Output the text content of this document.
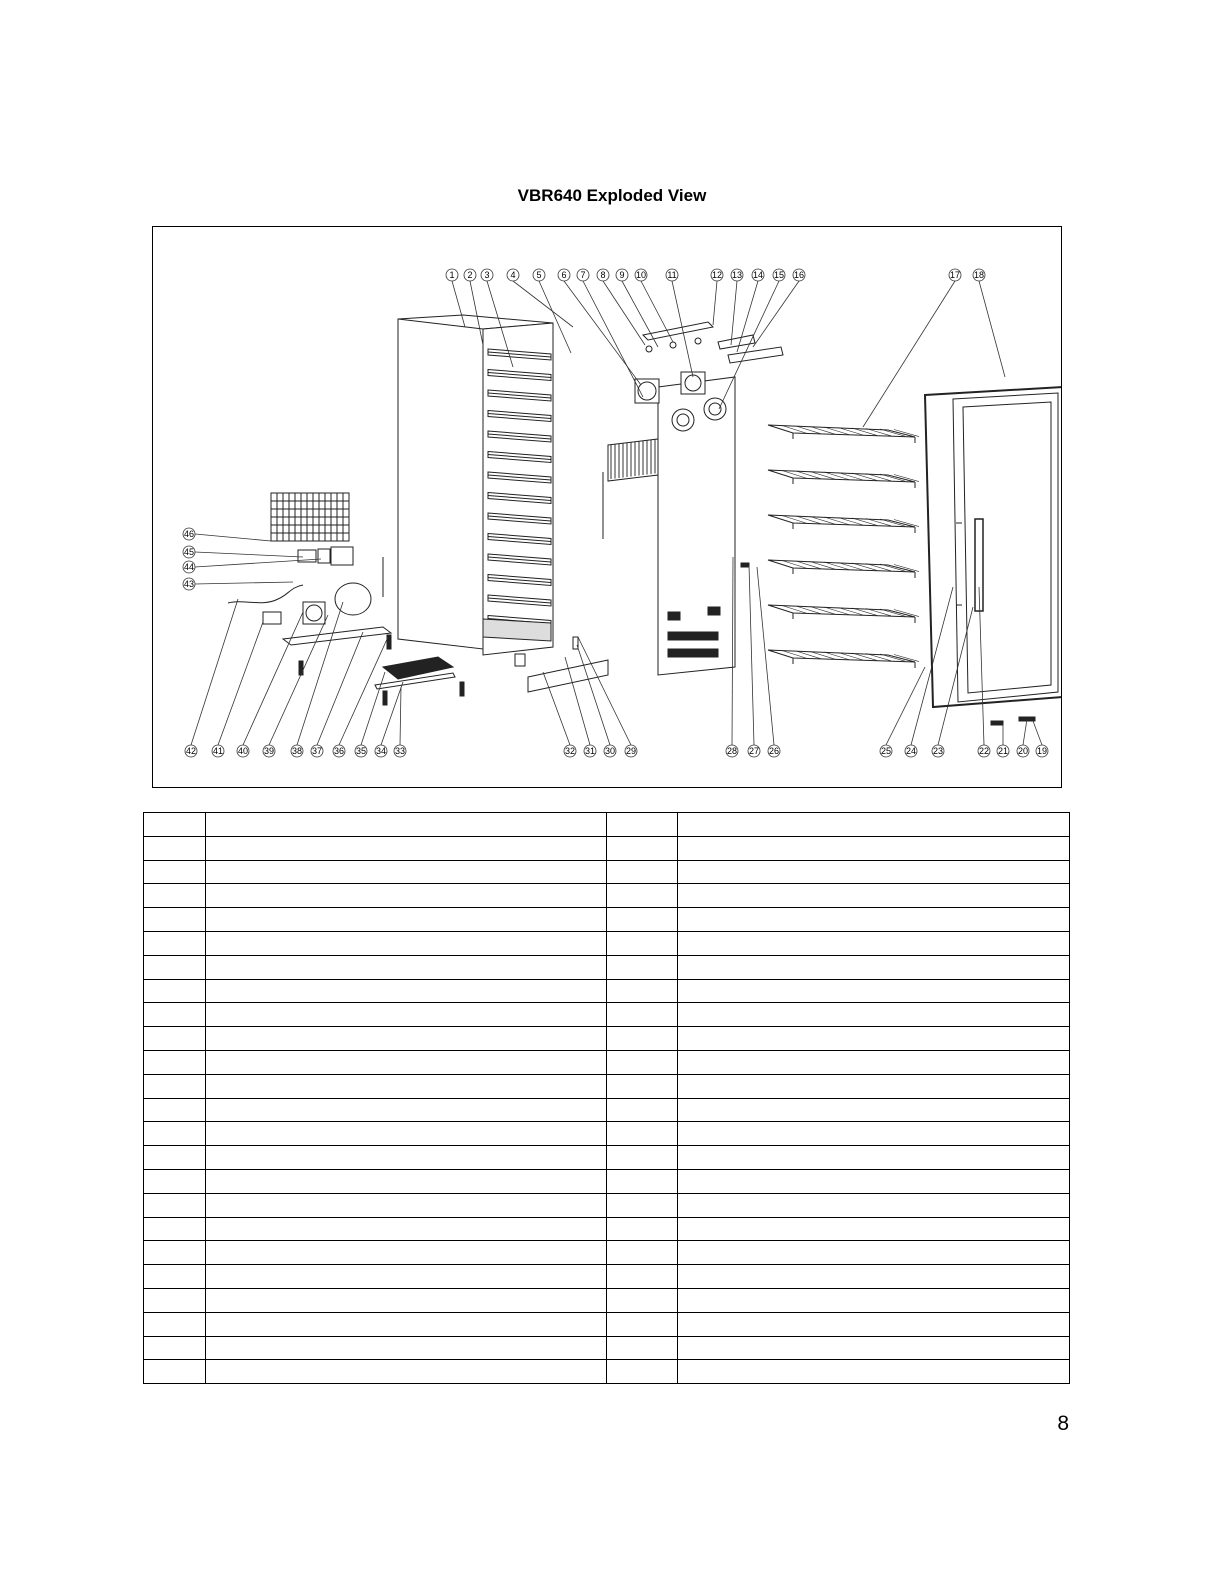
VBR640 Exploded View
1 2 3 4 5 6 7 8 9 10 11	12 13 14 15 16	17 18
46
45
44
43
42 41 40 39 38 37 36 35 34 33	32 31 30 29	28 27 26	25 24 23	22 21 20 19

8
